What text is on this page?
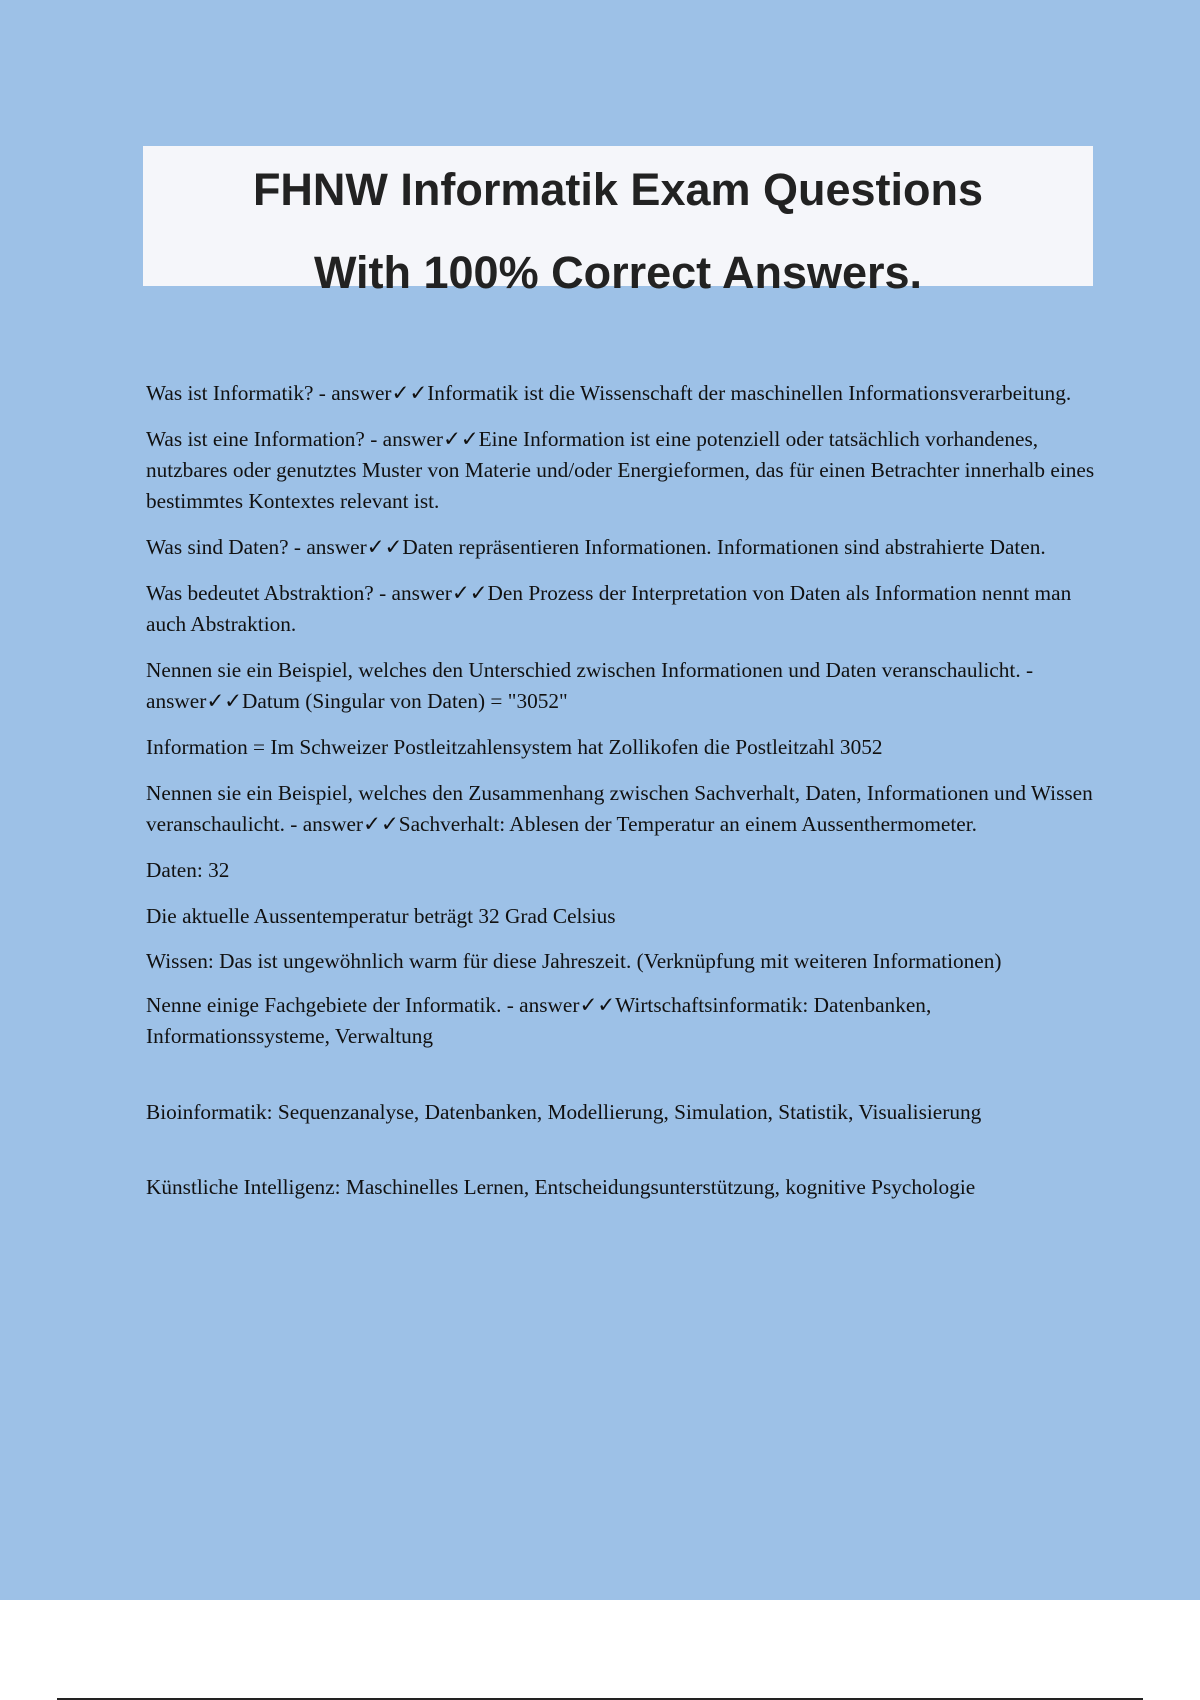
FHNW Informatik Exam Questions
With 100% Correct Answers.

Was ist Informatik? - answer✓✓Informatik ist die Wissenschaft der maschinellen Informationsverarbeitung.

Was ist eine Information? - answer✓✓Eine Information ist eine potenziell oder tatsächlich vorhandenes, nutzbares oder genutztes Muster von Materie und/oder Energieformen, das für einen Betrachter innerhalb eines bestimmtes Kontextes relevant ist.

Was sind Daten? - answer✓✓Daten repräsentieren Informationen. Informationen sind abstrahierte Daten.

Was bedeutet Abstraktion? - answer✓✓Den Prozess der Interpretation von Daten als Information nennt man auch Abstraktion.

Nennen sie ein Beispiel, welches den Unterschied zwischen Informationen und Daten veranschaulicht. - answer✓✓Datum (Singular von Daten) = "3052"

Information = Im Schweizer Postleitzahlensystem hat Zollikofen die Postleitzahl 3052

Nennen sie ein Beispiel, welches den Zusammenhang zwischen Sachverhalt, Daten, Informationen und Wissen veranschaulicht. - answer✓✓Sachverhalt: Ablesen der Temperatur an einem Aussenthermometer.

Daten: 32

Die aktuelle Aussentemperatur beträgt 32 Grad Celsius

Wissen: Das ist ungewöhnlich warm für diese Jahreszeit. (Verknüpfung mit weiteren Informationen)

Nenne einige Fachgebiete der Informatik. - answer✓✓Wirtschaftsinformatik: Datenbanken, Informationssysteme, Verwaltung

Bioinformatik: Sequenzanalyse, Datenbanken, Modellierung, Simulation, Statistik, Visualisierung

Künstliche Intelligenz: Maschinelles Lernen, Entscheidungsunterstützung, kognitive Psychologie
